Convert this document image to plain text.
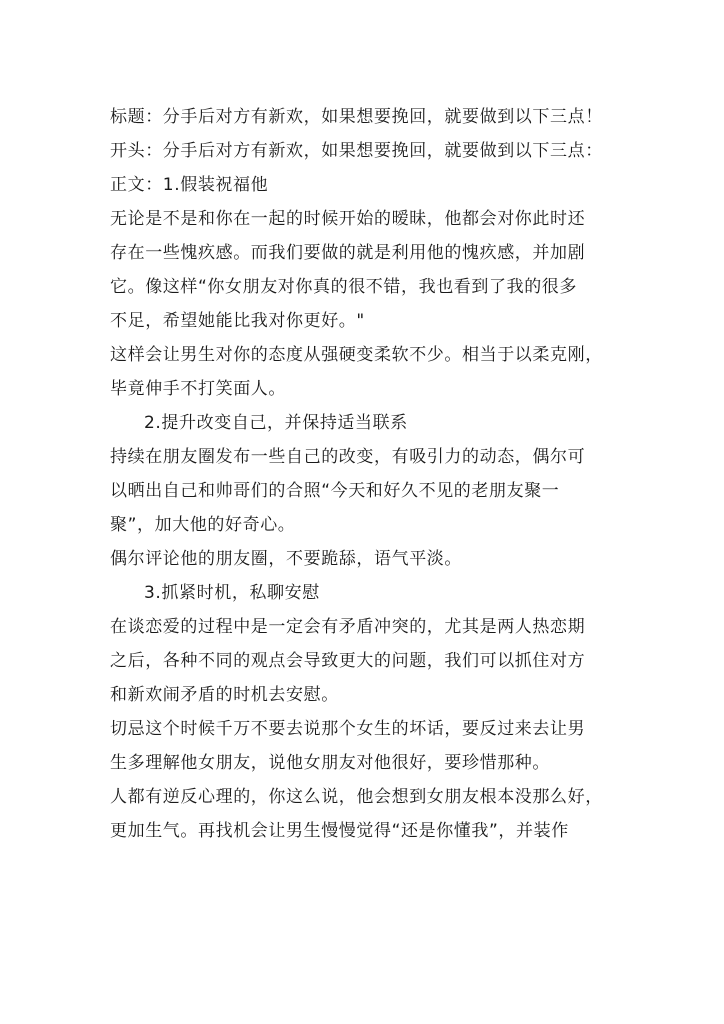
标题：分手后对方有新欢，如果想要挽回，就要做到以下三点！
开头：分手后对方有新欢，如果想要挽回，就要做到以下三点：
正文：1.假装祝福他
无论是不是和你在一起的时候开始的暧昧，他都会对你此时还
存在一些愧疚感。而我们要做的就是利用他的愧疚感，并加剧
它。像这样“你女朋友对你真的很不错，我也看到了我的很多
不足，希望她能比我对你更好。"
这样会让男生对你的态度从强硬变柔软不少。相当于以柔克刚，
毕竟伸手不打笑面人。
2.提升改变自己，并保持适当联系
持续在朋友圈发布一些自己的改变，有吸引力的动态，偶尔可
以晒出自己和帅哥们的合照“今天和好久不见的老朋友聚一
聚”，加大他的好奇心。
偶尔评论他的朋友圈，不要跪舔，语气平淡。
3.抓紧时机，私聊安慰
在谈恋爱的过程中是一定会有矛盾冲突的，尤其是两人热恋期
之后，各种不同的观点会导致更大的问题，我们可以抓住对方
和新欢闹矛盾的时机去安慰。
切忌这个时候千万不要去说那个女生的坏话，要反过来去让男
生多理解他女朋友，说他女朋友对他很好，要珍惜那种。
人都有逆反心理的，你这么说，他会想到女朋友根本没那么好，
更加生气。再找机会让男生慢慢觉得“还是你懂我”，并装作
